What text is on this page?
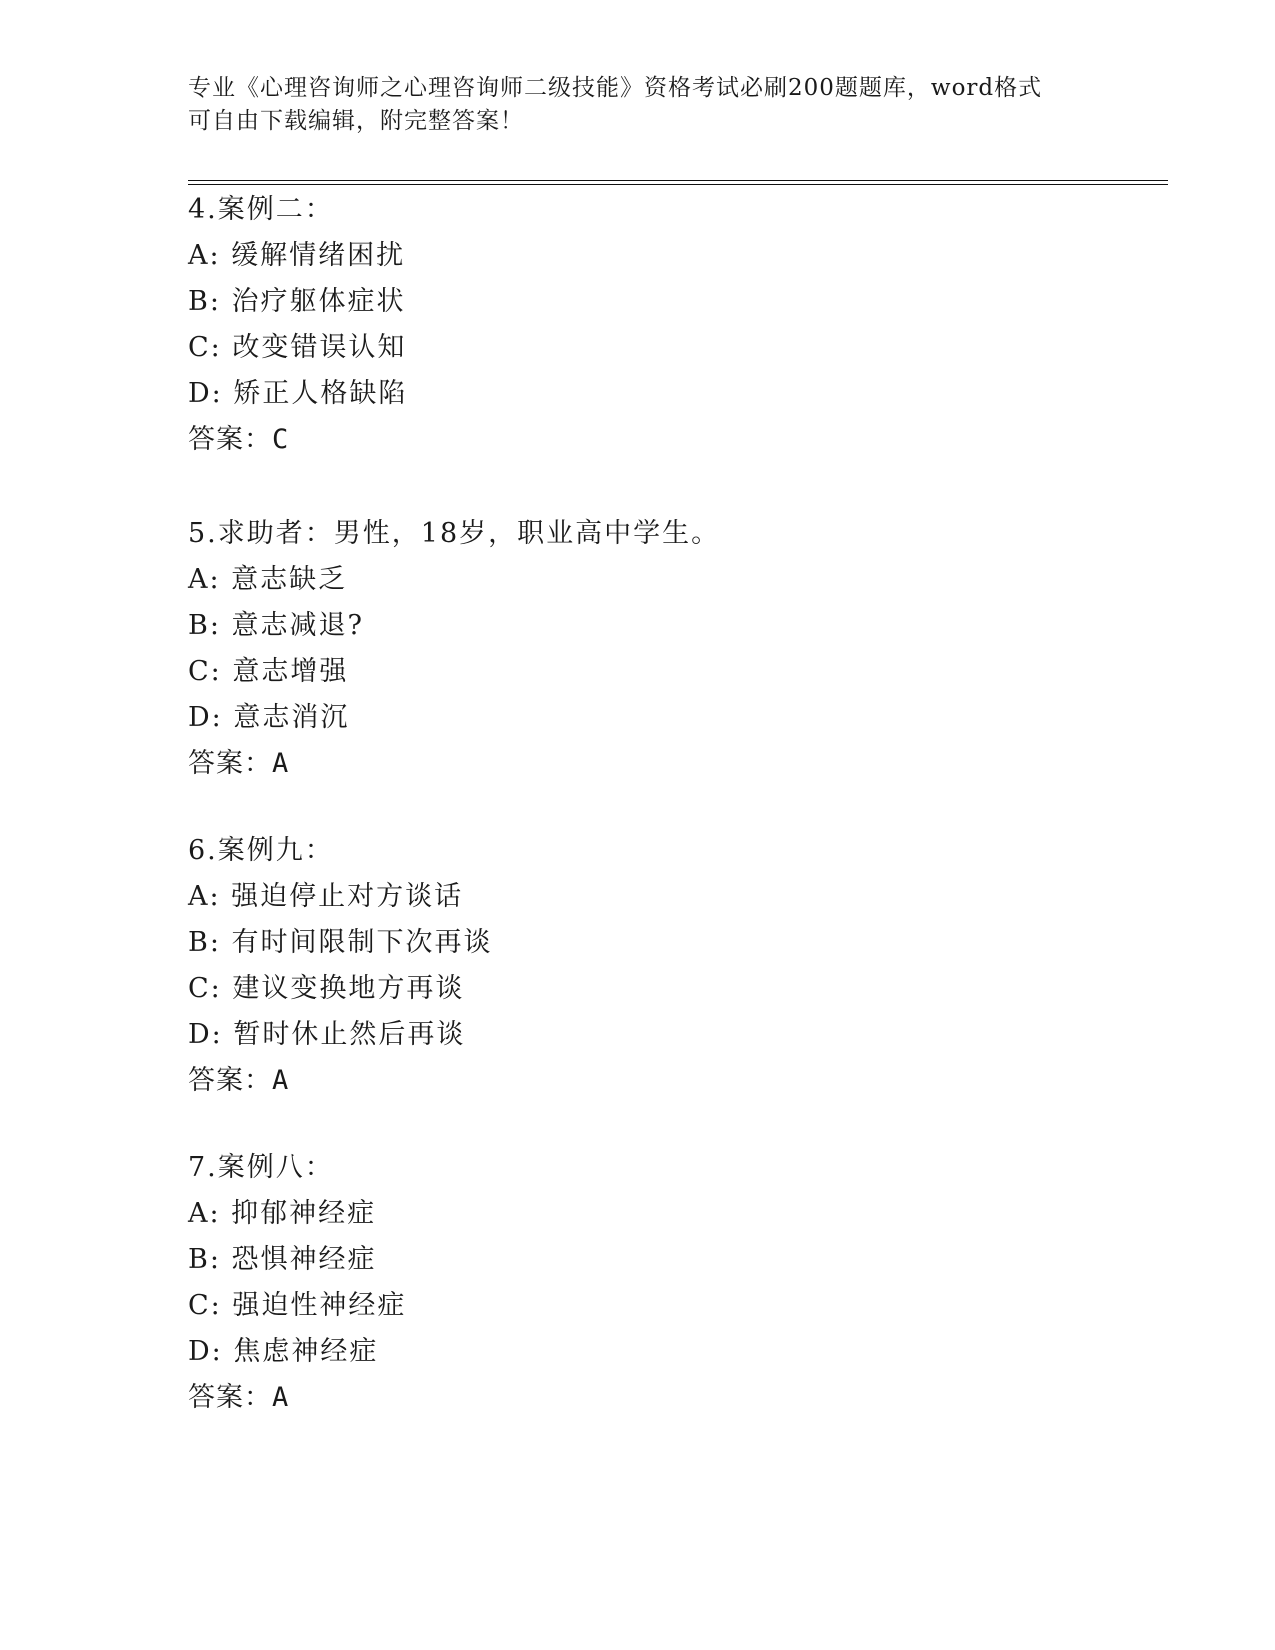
专业《心理咨询师之心理咨询师二级技能》资格考试必刷200题题库，word格式
可自由下载编辑，附完整答案！
4.案例二：
A: 缓解情绪困扰
B: 治疗躯体症状
C: 改变错误认知
D: 矫正人格缺陷
答案：C
5.求助者：男性，18岁，职业高中学生。
A: 意志缺乏
B: 意志减退?
C: 意志增强
D: 意志消沉
答案：A
6.案例九：
A: 强迫停止对方谈话
B: 有时间限制下次再谈
C: 建议变换地方再谈
D: 暂时休止然后再谈
答案：A
7.案例八：
A: 抑郁神经症
B: 恐惧神经症
C: 强迫性神经症
D: 焦虑神经症
答案：A
